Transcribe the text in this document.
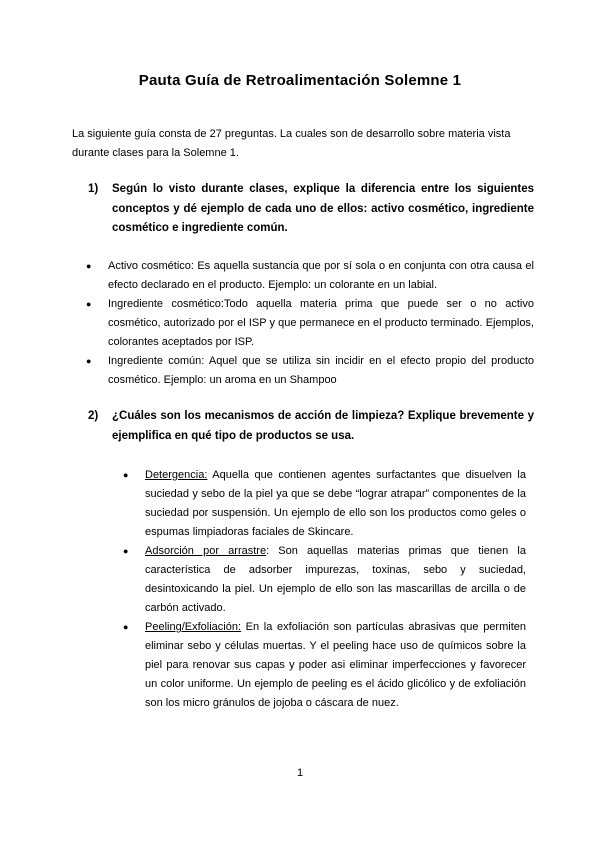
Pauta Guía de Retroalimentación Solemne 1

La siguiente guía consta de 27 preguntas. La cuales son de desarrollo sobre materia vista durante clases para la Solemne 1.

1) Según lo visto durante clases, explique la diferencia entre los siguientes conceptos y dé ejemplo de cada uno de ellos: activo cosmético, ingrediente cosmético e ingrediente común.
● Activo cosmético: Es aquella sustancia que por sí sola o en conjunta con otra causa el efecto declarado en el producto. Ejemplo: un colorante en un labial.
● Ingrediente cosmético:Todo aquella materia prima que puede ser o no activo cosmético, autorizado por el ISP y que permanece en el producto terminado. Ejemplos, colorantes aceptados por ISP.
● Ingrediente común: Aquel que se utiliza sin incidir en el efecto propio del producto cosmético. Ejemplo: un aroma en un Shampoo
2) ¿Cuáles son los mecanismos de acción de limpieza? Explique brevemente y ejemplifica en qué tipo de productos se usa.
● Detergencia: Aquella que contienen agentes surfactantes que disuelven la suciedad y sebo de la piel ya que se debe “lograr atrapar” componentes de la suciedad por suspensión. Un ejemplo de ello son los productos como geles o espumas limpiadoras faciales de Skincare.
● Adsorción por arrastre: Son aquellas materias primas que tienen la característica de adsorber impurezas, toxinas, sebo y suciedad, desintoxicando la piel. Un ejemplo de ello son las mascarillas de arcilla o de carbón activado.
● Peeling/Exfoliación: En la exfoliación son partículas abrasivas que permiten eliminar sebo y células muertas. Y el peeling hace uso de químicos sobre la piel para renovar sus capas y poder asi eliminar imperfecciones y favorecer un color uniforme. Un ejemplo de peeling es el ácido glicólico y de exfoliación son los micro gránulos de jojoba o cáscara de nuez.
1
